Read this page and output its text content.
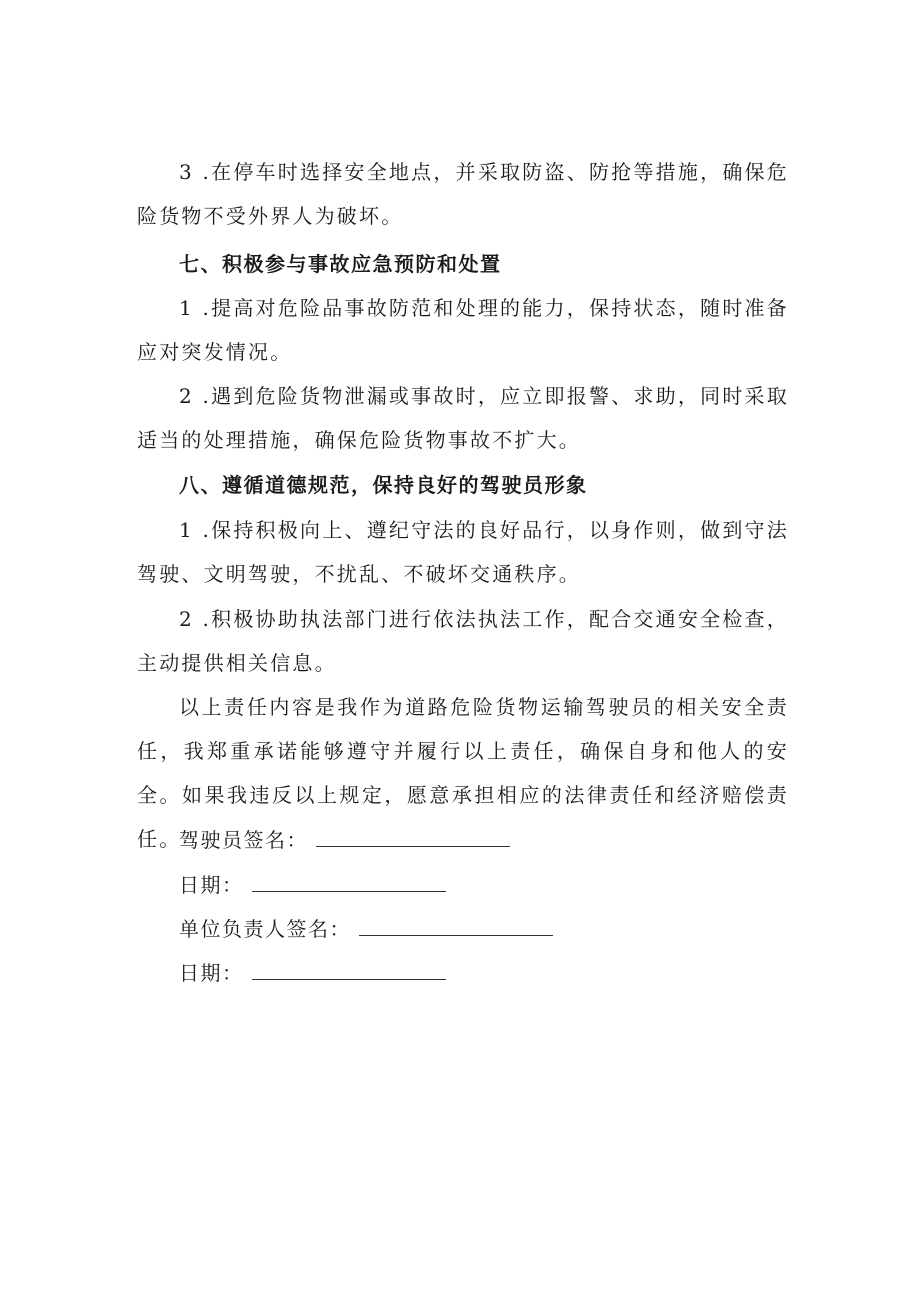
3 .在停车时选择安全地点，并采取防盗、防抢等措施，确保危险货物不受外界人为破坏。

七、积极参与事故应急预防和处置

1 .提高对危险品事故防范和处理的能力，保持状态，随时准备应对突发情况。

2 .遇到危险货物泄漏或事故时，应立即报警、求助，同时采取适当的处理措施，确保危险货物事故不扩大。

八、遵循道德规范，保持良好的驾驶员形象

1 .保持积极向上、遵纪守法的良好品行，以身作则，做到守法驾驶、文明驾驶，不扰乱、不破坏交通秩序。

2 .积极协助执法部门进行依法执法工作，配合交通安全检查，主动提供相关信息。

以上责任内容是我作为道路危险货物运输驾驶员的相关安全责任，我郑重承诺能够遵守并履行以上责任，确保自身和他人的安全。如果我违反以上规定，愿意承担相应的法律责任和经济赔偿责任。

驾驶员签名：
日期：
单位负责人签名：
日期：
